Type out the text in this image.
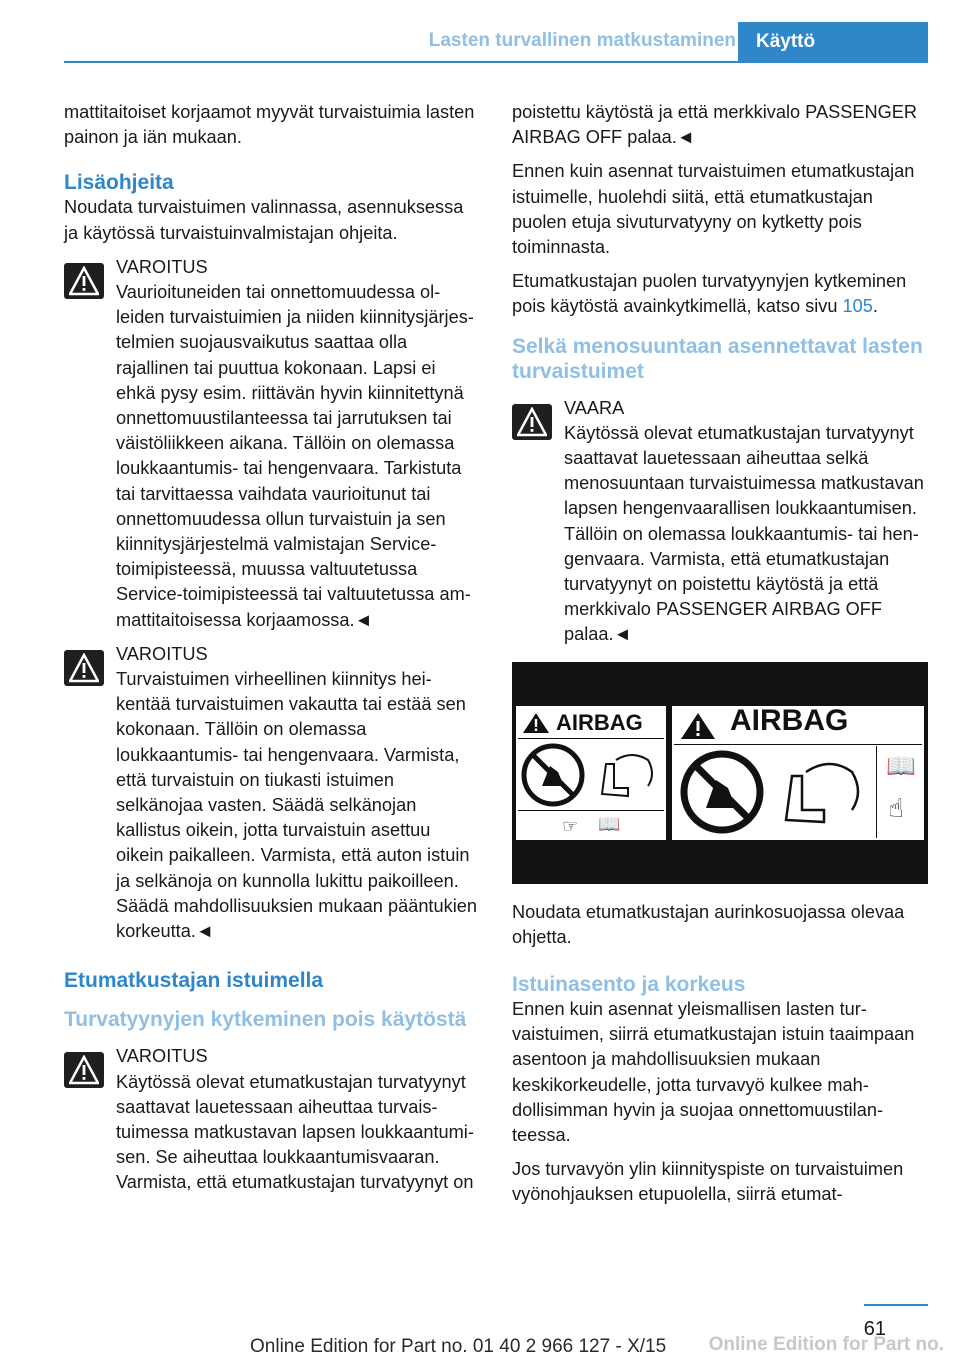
Lasten turvallinen matkustaminen	Käyttö

mattitaitoiset korjaamot myyvät turvaistuimia lasten painon ja iän mukaan.

Lisäohjeita

Noudata turvaistuimen valinnassa, asennuksessa ja käytössä turvaistuinvalmistajan ohjeita.

VAROITUS
Vaurioituneiden tai onnettomuudessa olleiden turvaistuimien ja niiden kiinnitysjärjestelmien suojausvaikutus saattaa olla rajallinen tai puuttua kokonaan. Lapsi ei ehkä pysy esim. riittävän hyvin kiinnitettynä onnettomuustilanteessa tai jarrutuksen tai väistöliikkeen aikana. Tällöin on olemassa loukkaantumis- tai hengenvaara. Tarkistuta tai tarvittaessa vaihdata vaurioitunut tai onnettomuudessa ollun turvaistuin ja sen kiinnitysjärjestelmä valmistajan Service-toimipisteessä, muussa valtuutetussa Service-toimipisteessä tai valtuutetussa ammattitaitoisessa korjaamossa.◄
VAROITUS
Turvaistuimen virheellinen kiinnitys heikentää turvaistuimen vakautta tai estää sen kokonaan. Tällöin on olemassa loukkaantumis- tai hengenvaara. Varmista, että turvaistuin on tiukasti istuimen selkänojaa vasten. Säädä selkänojan kallistus oikein, jotta turvaistuin asettuu oikein paikalleen. Varmista, että auton istuin ja selkänoja on kunnolla lukittu paikoilleen. Säädä mahdollisuuksien mukaan pääntukien korkeutta.◄
Etumatkustajan istuimella
Turvatyynyjen kytkeminen pois käytöstä
VAROITUS
Käytössä olevat etumatkustajan turvatyynyt saattavat lauetessaan aiheuttaa turvaistuimessa matkustavan lapsen loukkaantumisen. Se aiheuttaa loukkaantumisvaaran. Varmista, että etumatkustajan turvatyynyt on

poistettu käytöstä ja että merkkivalo PASSENGER AIRBAG OFF palaa.◄

Ennen kuin asennat turvaistuimen etumatkustajan istuimelle, huolehdi siitä, että etumatkustajan puolen etuja sivuturvatyyny on kytketty pois toiminnasta.

Etumatkustajan puolen turvatyynyjen kytkeminen pois käytöstä avainkytkimellä, katso sivu 105.

Selkä menosuuntaan asennettavat lasten turvaistuimet
VAARA
Käytössä olevat etumatkustajan turvatyynyt saattavat lauetessaan aiheuttaa selkä menosuuntaan turvaistuimessa matkustavan lapsen hengenvaarallisen loukkaantumisen. Tällöin on olemassa loukkaantumis- tai hengenvaara. Varmista, että etumatkustajan turvatyynyt on poistettu käytöstä ja että merkkivalo PASSENGER AIRBAG OFF palaa.◄
AIRBAG
☞ 📖
AIRBAG
📖
☝

Noudata etumatkustajan aurinkosuojassa olevaa ohjetta.

Istuinasento ja korkeus

Ennen kuin asennat yleismallisen lasten turvaistuimen, siirrä etumatkustajan istuin taaimpaan asentoon ja mahdollisuuksien mukaan keskikorkeudelle, jotta turvavyö kulkee mahdollisimman hyvin ja suojaa onnettomuustilanteessa.

Jos turvavyön ylin kiinnityspiste on turvaistuimen vyönohjauksen etupuolella, siirrä etumat-

61
Online Edition for Part no. 01 40 2 966 127 - X/15 Online Edition for Part no.
